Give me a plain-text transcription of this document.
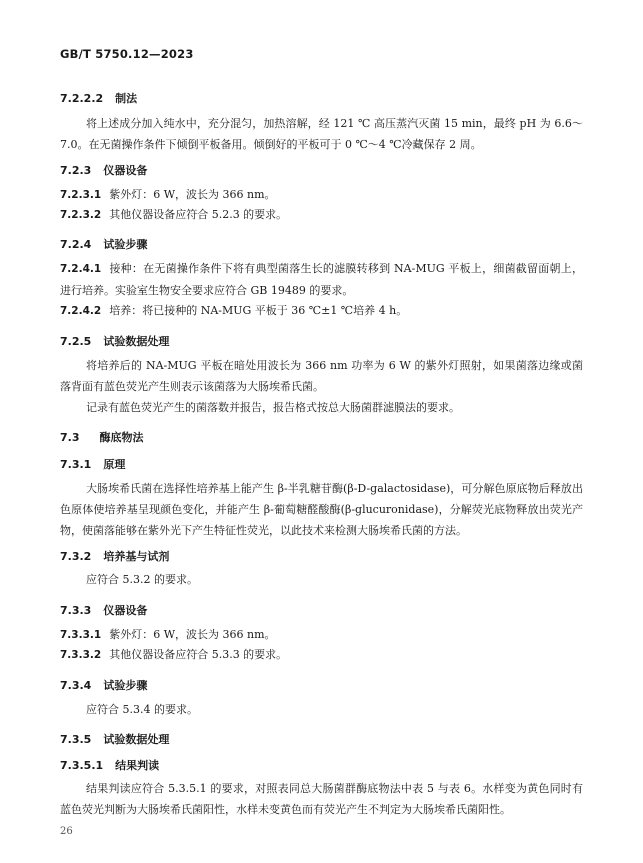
GB/T 5750.12—2023
7.2.2.2 制法
将上述成分加入纯水中，充分混匀，加热溶解，经 121 ℃ 高压蒸汽灭菌 15 min，最终 pH 为 6.6～7.0。在无菌操作条件下倾倒平板备用。倾倒好的平板可于 0 ℃～4 ℃冷藏保存 2 周。
7.2.3 仪器设备
7.2.3.1 紫外灯：6 W，波长为 366 nm。
7.2.3.2 其他仪器设备应符合 5.2.3 的要求。
7.2.4 试验步骤
7.2.4.1 接种：在无菌操作条件下将有典型菌落生长的滤膜转移到 NA-MUG 平板上，细菌截留面朝上，进行培养。实验室生物安全要求应符合 GB 19489 的要求。
7.2.4.2 培养：将已接种的 NA-MUG 平板于 36 ℃±1 ℃培养 4 h。
7.2.5 试验数据处理
将培养后的 NA-MUG 平板在暗处用波长为 366 nm 功率为 6 W 的紫外灯照射，如果菌落边缘或菌落背面有蓝色荧光产生则表示该菌落为大肠埃希氏菌。
记录有蓝色荧光产生的菌落数并报告，报告格式按总大肠菌群滤膜法的要求。
7.3 酶底物法
7.3.1 原理
大肠埃希氏菌在选择性培养基上能产生 β-半乳糖苷酶(β-D-galactosidase)，可分解色原底物后释放出色原体使培养基呈现颜色变化，并能产生 β-葡萄糖醛酸酶(β-glucuronidase)，分解荧光底物释放出荧光产物，使菌落能够在紫外光下产生特征性荧光，以此技术来检测大肠埃希氏菌的方法。
7.3.2 培养基与试剂
应符合 5.3.2 的要求。
7.3.3 仪器设备
7.3.3.1 紫外灯：6 W，波长为 366 nm。
7.3.3.2 其他仪器设备应符合 5.3.3 的要求。
7.3.4 试验步骤
应符合 5.3.4 的要求。
7.3.5 试验数据处理
7.3.5.1 结果判读
结果判读应符合 5.3.5.1 的要求，对照表同总大肠菌群酶底物法中表 5 与表 6。水样变为黄色同时有蓝色荧光判断为大肠埃希氏菌阳性，水样未变黄色而有荧光产生不判定为大肠埃希氏菌阳性。
26
